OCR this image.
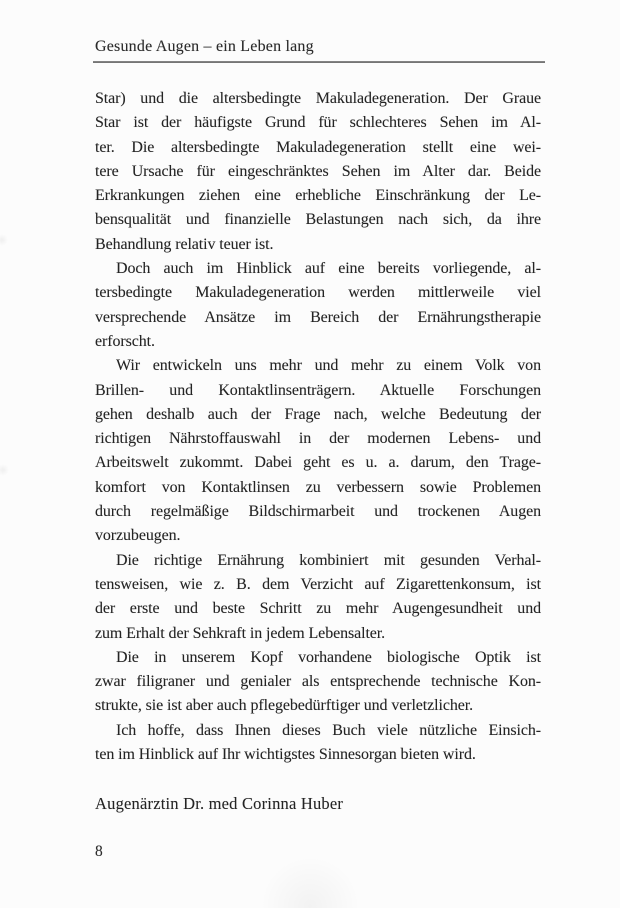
Gesunde Augen – ein Leben lang
Star) und die altersbedingte Makuladegeneration. Der Graue
Star ist der häufigste Grund für schlechteres Sehen im Al-
ter. Die altersbedingte Makuladegeneration stellt eine wei-
tere Ursache für eingeschränktes Sehen im Alter dar. Beide
Erkrankungen ziehen eine erhebliche Einschränkung der Le-
bensqualität und finanzielle Belastungen nach sich, da ihre
Behandlung relativ teuer ist.
Doch auch im Hinblick auf eine bereits vorliegende, al-
tersbedingte Makuladegeneration werden mittlerweile viel
versprechende Ansätze im Bereich der Ernährungstherapie
erforscht.
Wir entwickeln uns mehr und mehr zu einem Volk von
Brillen- und Kontaktlinsenträgern. Aktuelle Forschungen
gehen deshalb auch der Frage nach, welche Bedeutung der
richtigen Nährstoffauswahl in der modernen Lebens- und
Arbeitswelt zukommt. Dabei geht es u. a. darum, den Trage-
komfort von Kontaktlinsen zu verbessern sowie Problemen
durch regelmäßige Bildschirmarbeit und trockenen Augen
vorzubeugen.
Die richtige Ernährung kombiniert mit gesunden Verhal-
tensweisen, wie z. B. dem Verzicht auf Zigarettenkonsum, ist
der erste und beste Schritt zu mehr Augengesundheit und
zum Erhalt der Sehkraft in jedem Lebensalter.
Die in unserem Kopf vorhandene biologische Optik ist
zwar filigraner und genialer als entsprechende technische Kon-
strukte, sie ist aber auch pflegebedürftiger und verletzlicher.
Ich hoffe, dass Ihnen dieses Buch viele nützliche Einsich-
ten im Hinblick auf Ihr wichtigstes Sinnesorgan bieten wird.
Augenärztin Dr. med Corinna Huber
8
